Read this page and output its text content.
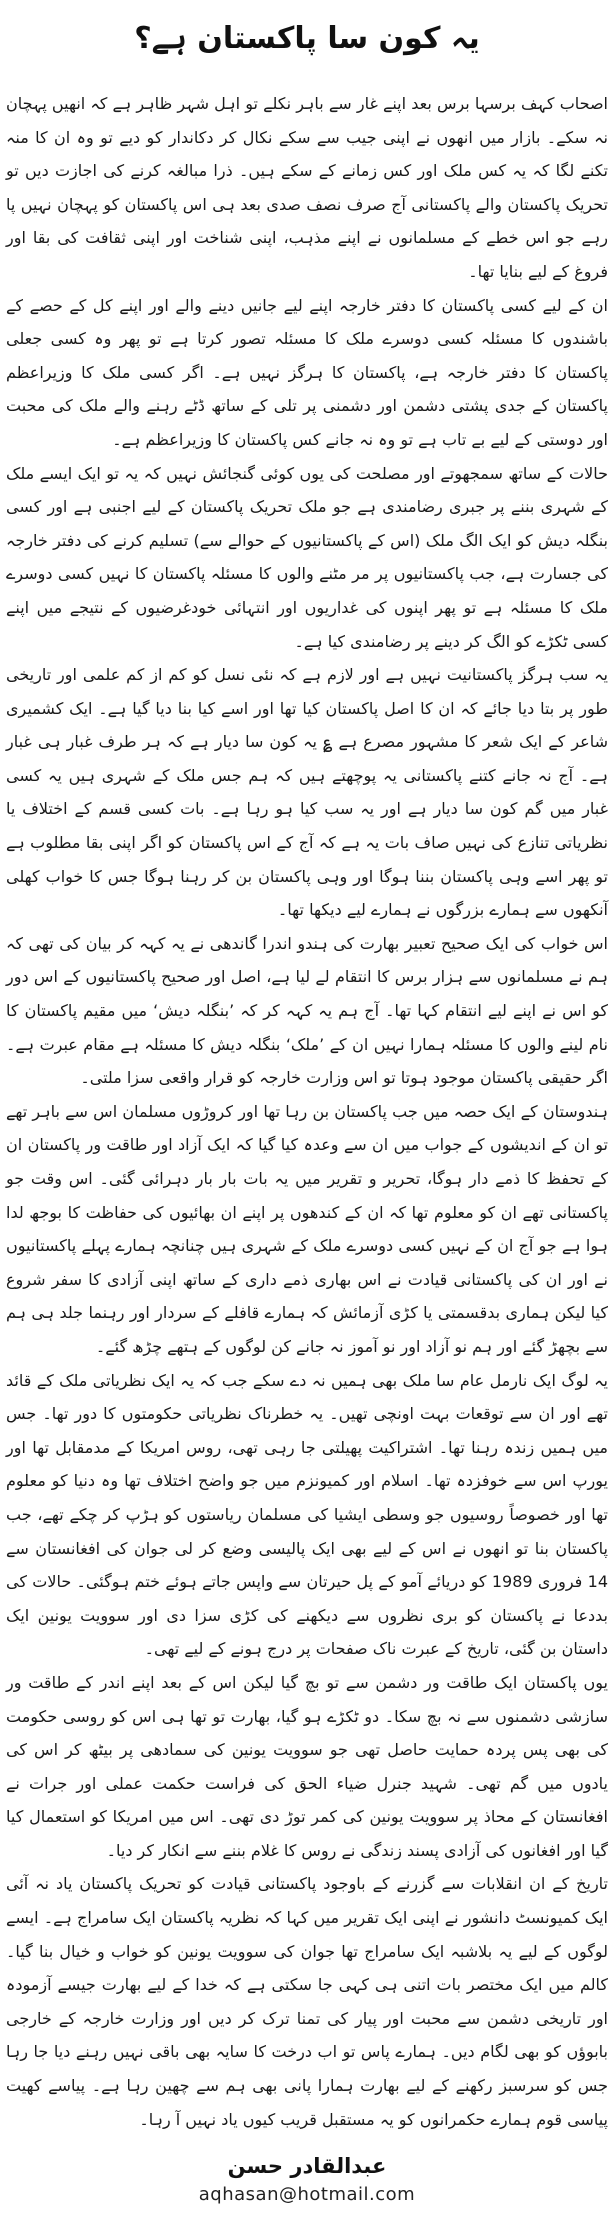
یہ کون سا پاکستان ہے؟

اصحاب کہف برسہا برس بعد اپنے غار سے باہر نکلے تو اہل شہر ظاہر ہے کہ انھیں پہچان نہ سکے۔ بازار میں انھوں نے اپنی جیب سے سکے نکال کر دکاندار کو دیے تو وہ ان کا منہ تکنے لگا کہ یہ کس ملک اور کس زمانے کے سکے ہیں۔ ذرا مبالغہ کرنے کی اجازت دیں تو تحریک پاکستان والے پاکستانی آج صرف نصف صدی بعد ہی اس پاکستان کو پہچان نہیں پا رہے جو اس خطے کے مسلمانوں نے اپنے مذہب، اپنی شناخت اور اپنی ثقافت کی بقا اور فروغ کے لیے بنایا تھا۔

ان کے لیے کسی پاکستان کا دفتر خارجہ اپنے لیے جانیں دینے والے اور اپنے کل کے حصے کے باشندوں کا مسئلہ کسی دوسرے ملک کا مسئلہ تصور کرتا ہے تو پھر وہ کسی جعلی پاکستان کا دفتر خارجہ ہے، پاکستان کا ہرگز نہیں ہے۔ اگر کسی ملک کا وزیراعظم پاکستان کے جدی پشتی دشمن اور دشمنی پر تلی کے ساتھ ڈٹے رہنے والے ملک کی محبت اور دوستی کے لیے بے تاب ہے تو وہ نہ جانے کس پاکستان کا وزیراعظم ہے۔

حالات کے ساتھ سمجھوتے اور مصلحت کی یوں کوئی گنجائش نہیں کہ یہ تو ایک ایسے ملک کے شہری بننے پر جبری رضامندی ہے جو ملک تحریک پاکستان کے لیے اجنبی ہے اور کسی بنگلہ دیش کو ایک الگ ملک (اس کے پاکستانیوں کے حوالے سے) تسلیم کرنے کی دفتر خارجہ کی جسارت ہے، جب پاکستانیوں پر مر مٹنے والوں کا مسئلہ پاکستان کا نہیں کسی دوسرے ملک کا مسئلہ ہے تو پھر اپنوں کی غداریوں اور انتہائی خودغرضیوں کے نتیجے میں اپنے کسی ٹکڑے کو الگ کر دینے پر رضامندی کیا ہے۔

یہ سب ہرگز پاکستانیت نہیں ہے اور لازم ہے کہ نئی نسل کو کم از کم علمی اور تاریخی طور پر بتا دیا جائے کہ ان کا اصل پاکستان کیا تھا اور اسے کیا بنا دیا گیا ہے۔ ایک کشمیری شاعر کے ایک شعر کا مشہور مصرع ہے ؏ یہ کون سا دیار ہے کہ ہر طرف غبار ہی غبار ہے۔ آج نہ جانے کتنے پاکستانی یہ پوچھتے ہیں کہ ہم جس ملک کے شہری ہیں یہ کسی غبار میں گم کون سا دیار ہے اور یہ سب کیا ہو رہا ہے۔ بات کسی قسم کے اختلاف یا نظریاتی تنازع کی نہیں صاف بات یہ ہے کہ آج کے اس پاکستان کو اگر اپنی بقا مطلوب ہے تو پھر اسے وہی پاکستان بننا ہوگا اور وہی پاکستان بن کر رہنا ہوگا جس کا خواب کھلی آنکھوں سے ہمارے بزرگوں نے ہمارے لیے دیکھا تھا۔

اس خواب کی ایک صحیح تعبیر بھارت کی ہندو اندرا گاندھی نے یہ کہہ کر بیان کی تھی کہ ہم نے مسلمانوں سے ہزار برس کا انتقام لے لیا ہے، اصل اور صحیح پاکستانیوں کے اس دور کو اس نے اپنے لیے انتقام کہا تھا۔ آج ہم یہ کہہ کر کہ ’بنگلہ دیش‘ میں مقیم پاکستان کا نام لینے والوں کا مسئلہ ہمارا نہیں ان کے ’ملک‘ بنگلہ دیش کا مسئلہ ہے مقام عبرت ہے۔ اگر حقیقی پاکستان موجود ہوتا تو اس وزارت خارجہ کو قرار واقعی سزا ملتی۔

ہندوستان کے ایک حصہ میں جب پاکستان بن رہا تھا اور کروڑوں مسلمان اس سے باہر تھے تو ان کے اندیشوں کے جواب میں ان سے وعدہ کیا گیا کہ ایک آزاد اور طاقت ور پاکستان ان کے تحفظ کا ذمے دار ہوگا، تحریر و تقریر میں یہ بات بار بار دہرائی گئی۔ اس وقت جو پاکستانی تھے ان کو معلوم تھا کہ ان کے کندھوں پر اپنے ان بھائیوں کی حفاظت کا بوجھ لدا ہوا ہے جو آج ان کے نہیں کسی دوسرے ملک کے شہری ہیں چنانچہ ہمارے پہلے پاکستانیوں نے اور ان کی پاکستانی قیادت نے اس بھاری ذمے داری کے ساتھ اپنی آزادی کا سفر شروع کیا لیکن ہماری بدقسمتی یا کڑی آزمائش کہ ہمارے قافلے کے سردار اور رہنما جلد ہی ہم سے بچھڑ گئے اور ہم نو آزاد اور نو آموز نہ جانے کن لوگوں کے ہتھے چڑھ گئے۔

یہ لوگ ایک نارمل عام سا ملک بھی ہمیں نہ دے سکے جب کہ یہ ایک نظریاتی ملک کے قائد تھے اور ان سے توقعات بہت اونچی تھیں۔ یہ خطرناک نظریاتی حکومتوں کا دور تھا۔ جس میں ہمیں زندہ رہنا تھا۔ اشتراکیت پھیلتی جا رہی تھی، روس امریکا کے مدمقابل تھا اور یورپ اس سے خوفزدہ تھا۔ اسلام اور کمیونزم میں جو واضح اختلاف تھا وہ دنیا کو معلوم تھا اور خصوصاً روسیوں جو وسطی ایشیا کی مسلمان ریاستوں کو ہڑپ کر چکے تھے، جب پاکستان بنا تو انھوں نے اس کے لیے بھی ایک پالیسی وضع کر لی جوان کی افغانستان سے 14 فروری 1989 کو دریائے آمو کے پل حیرتان سے واپس جاتے ہوئے ختم ہوگئی۔ حالات کی بددعا نے پاکستان کو بری نظروں سے دیکھنے کی کڑی سزا دی اور سوویت یونین ایک داستان بن گئی، تاریخ کے عبرت ناک صفحات پر درج ہونے کے لیے تھی۔

یوں پاکستان ایک طاقت ور دشمن سے تو بچ گیا لیکن اس کے بعد اپنے اندر کے طاقت ور سازشی دشمنوں سے نہ بچ سکا۔ دو ٹکڑے ہو گیا، بھارت تو تھا ہی اس کو روسی حکومت کی بھی پس پردہ حمایت حاصل تھی جو سوویت یونین کی سمادھی پر بیٹھ کر اس کی یادوں میں گم تھی۔ شہید جنرل ضیاء الحق کی فراست حکمت عملی اور جرات نے افغانستان کے محاذ پر سوویت یونین کی کمر توڑ دی تھی۔ اس میں امریکا کو استعمال کیا گیا اور افغانوں کی آزادی پسند زندگی نے روس کا غلام بننے سے انکار کر دیا۔

تاریخ کے ان انقلابات سے گزرنے کے باوجود پاکستانی قیادت کو تحریک پاکستان یاد نہ آئی ایک کمیونسٹ دانشور نے اپنی ایک تقریر میں کہا کہ نظریہ پاکستان ایک سامراج ہے۔ ایسے لوگوں کے لیے یہ بلاشبہ ایک سامراج تھا جوان کی سوویت یونین کو خواب و خیال بنا گیا۔ کالم میں ایک مختصر بات اتنی ہی کہی جا سکتی ہے کہ خدا کے لیے بھارت جیسے آزمودہ اور تاریخی دشمن سے محبت اور پیار کی تمنا ترک کر دیں اور وزارت خارجہ کے خارجی بابوؤں کو بھی لگام دیں۔ ہمارے پاس تو اب درخت کا سایہ بھی باقی نہیں رہنے دیا جا رہا جس کو سرسبز رکھنے کے لیے بھارت ہمارا پانی بھی ہم سے چھین رہا ہے۔ پیاسے کھیت پیاسی قوم ہمارے حکمرانوں کو یہ مستقبل قریب کیوں یاد نہیں آ رہا۔

عبدالقادر حسن
aqhasan@hotmail.com
